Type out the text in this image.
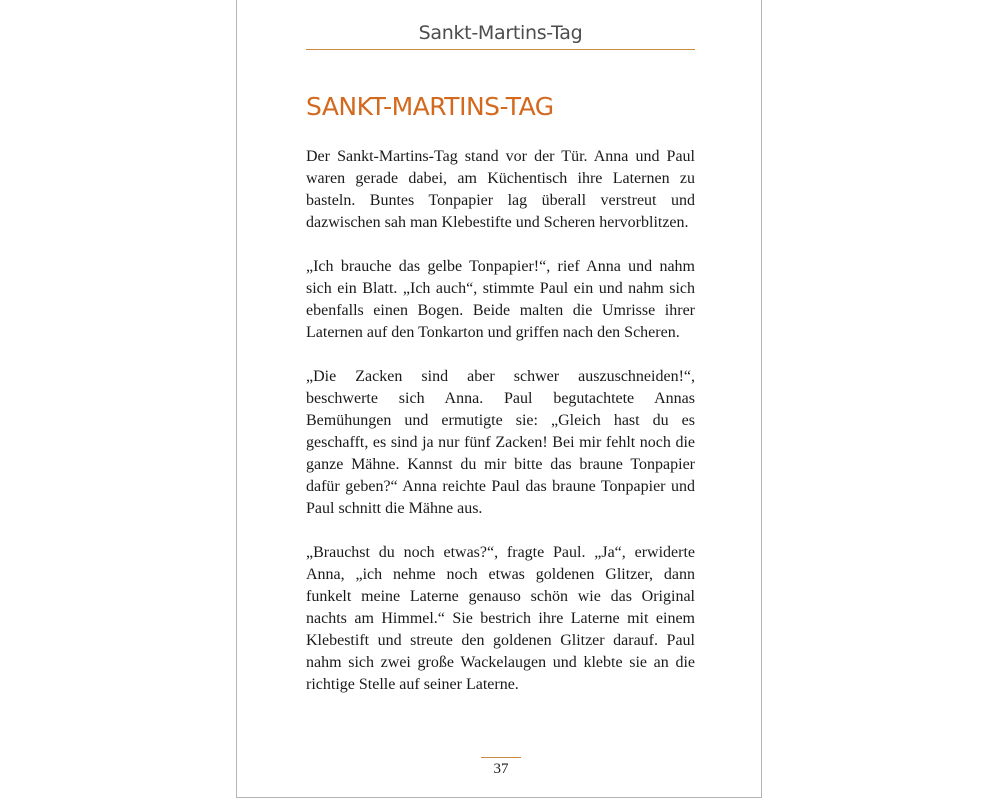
Sankt-Martins-Tag
SANKT-MARTINS-TAG

Der Sankt-Martins-Tag stand vor der Tür. Anna und Paul waren gerade dabei, am Küchentisch ihre Laternen zu basteln. Buntes Tonpapier lag überall verstreut und dazwischen sah man Klebestifte und Scheren hervorblitzen.

„Ich brauche das gelbe Tonpapier!“, rief Anna und nahm sich ein Blatt. „Ich auch“, stimmte Paul ein und nahm sich ebenfalls einen Bogen. Beide malten die Umrisse ihrer Laternen auf den Tonkarton und griffen nach den Scheren.

„Die Zacken sind aber schwer auszuschneiden!“, beschwerte sich Anna. Paul begutachtete Annas Bemühungen und ermutigte sie: „Gleich hast du es geschafft, es sind ja nur fünf Zacken! Bei mir fehlt noch die ganze Mähne. Kannst du mir bitte das braune Tonpapier dafür geben?“ Anna reichte Paul das braune Tonpapier und Paul schnitt die Mähne aus.

„Brauchst du noch etwas?“, fragte Paul. „Ja“, erwiderte Anna, „ich nehme noch etwas goldenen Glitzer, dann funkelt meine Laterne genauso schön wie das Original nachts am Himmel.“ Sie bestrich ihre Laterne mit einem Klebestift und streute den goldenen Glitzer darauf. Paul nahm sich zwei große Wackelaugen und klebte sie an die richtige Stelle auf seiner Laterne.

37
